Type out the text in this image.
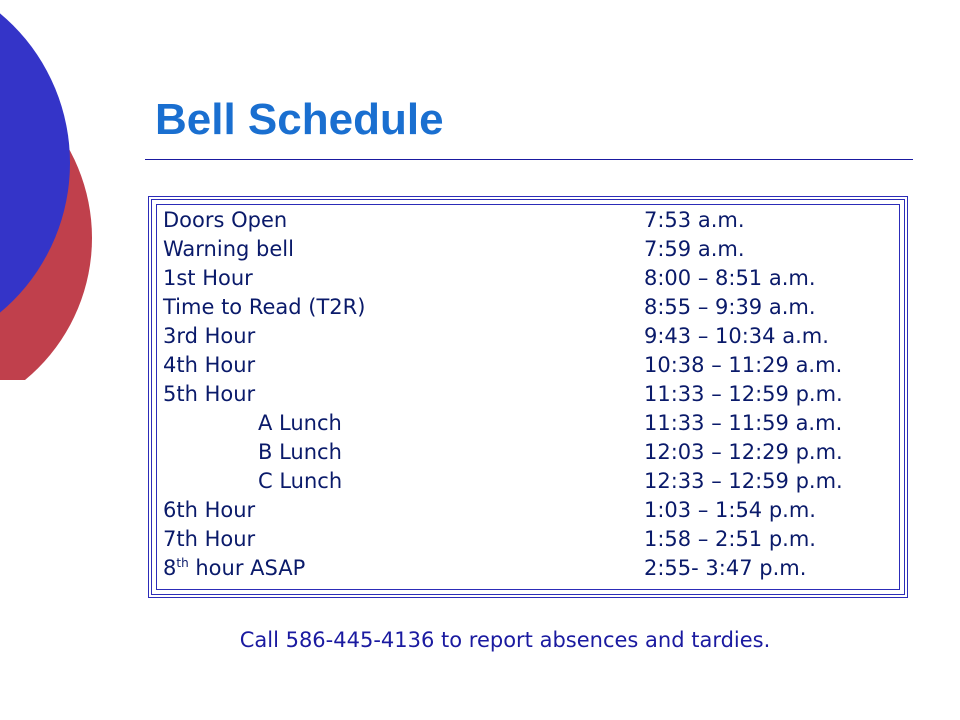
Bell Schedule
Doors Open	7:53 a.m.
Warning bell	7:59 a.m.
1st Hour	8:00 – 8:51 a.m.
Time to Read (T2R)	8:55 – 9:39 a.m.
3rd Hour	9:43 – 10:34 a.m.
4th Hour	10:38 – 11:29 a.m.
5th Hour	11:33 – 12:59 p.m.
A Lunch	11:33 – 11:59 a.m.
B Lunch	12:03 – 12:29 p.m.
C Lunch	12:33 – 12:59 p.m.
6th Hour	1:03 – 1:54 p.m.
7th Hour	1:58 – 2:51 p.m.
8th hour ASAP	2:55- 3:47 p.m.

Call 586-445-4136 to report absences and tardies.
